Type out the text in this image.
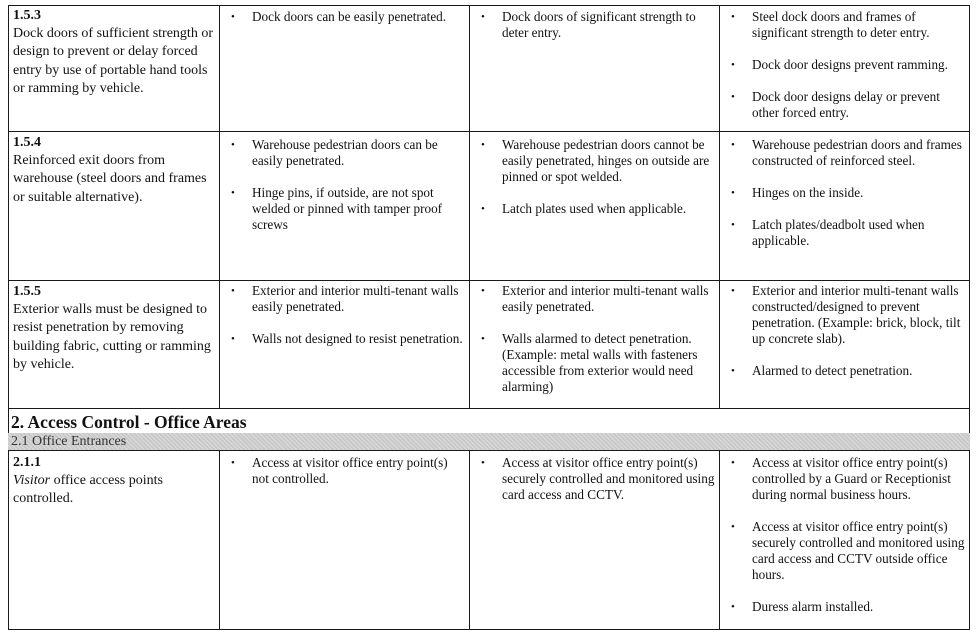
1.5.3
Dock doors of sufficient strength or design to prevent or delay forced entry by use of portable hand tools or ramming by vehicle.
• Dock doors can be easily penetrated.	• Dock doors of significant strength to deter entry.
• Steel dock doors and frames of significant strength to deter entry.
• Dock door designs prevent ramming.
• Dock door designs delay or prevent other forced entry.
1.5.4
Reinforced exit doors from warehouse (steel doors and frames or suitable alternative).
• Warehouse pedestrian doors can be easily penetrated.
• Hinge pins, if outside, are not spot welded or pinned with tamper proof screws
• Warehouse pedestrian doors cannot be easily penetrated, hinges on outside are pinned or spot welded.
• Latch plates used when applicable.
• Warehouse pedestrian doors and frames constructed of reinforced steel.
• Hinges on the inside.
• Latch plates/deadbolt used when applicable.
1.5.5
Exterior walls must be designed to resist penetration by removing building fabric, cutting or ramming by vehicle.
• Exterior and interior multi-tenant walls easily penetrated.
• Walls not designed to resist penetration.
• Exterior and interior multi-tenant walls easily penetrated.
• Walls alarmed to detect penetration. (Example: metal walls with fasteners accessible from exterior would need alarming)
• Exterior and interior multi-tenant walls constructed/designed to prevent penetration. (Example: brick, block, tilt up concrete slab).
• Alarmed to detect penetration.
2. Access Control - Office Areas
2.1 Office Entrances
2.1.1
Visitor office access points controlled.
• Access at visitor office entry point(s) not controlled.
• Access at visitor office entry point(s) securely controlled and monitored using card access and CCTV.
• Access at visitor office entry point(s) controlled by a Guard or Receptionist during normal business hours.
• Access at visitor office entry point(s) securely controlled and monitored using card access and CCTV outside office hours.
• Duress alarm installed.
